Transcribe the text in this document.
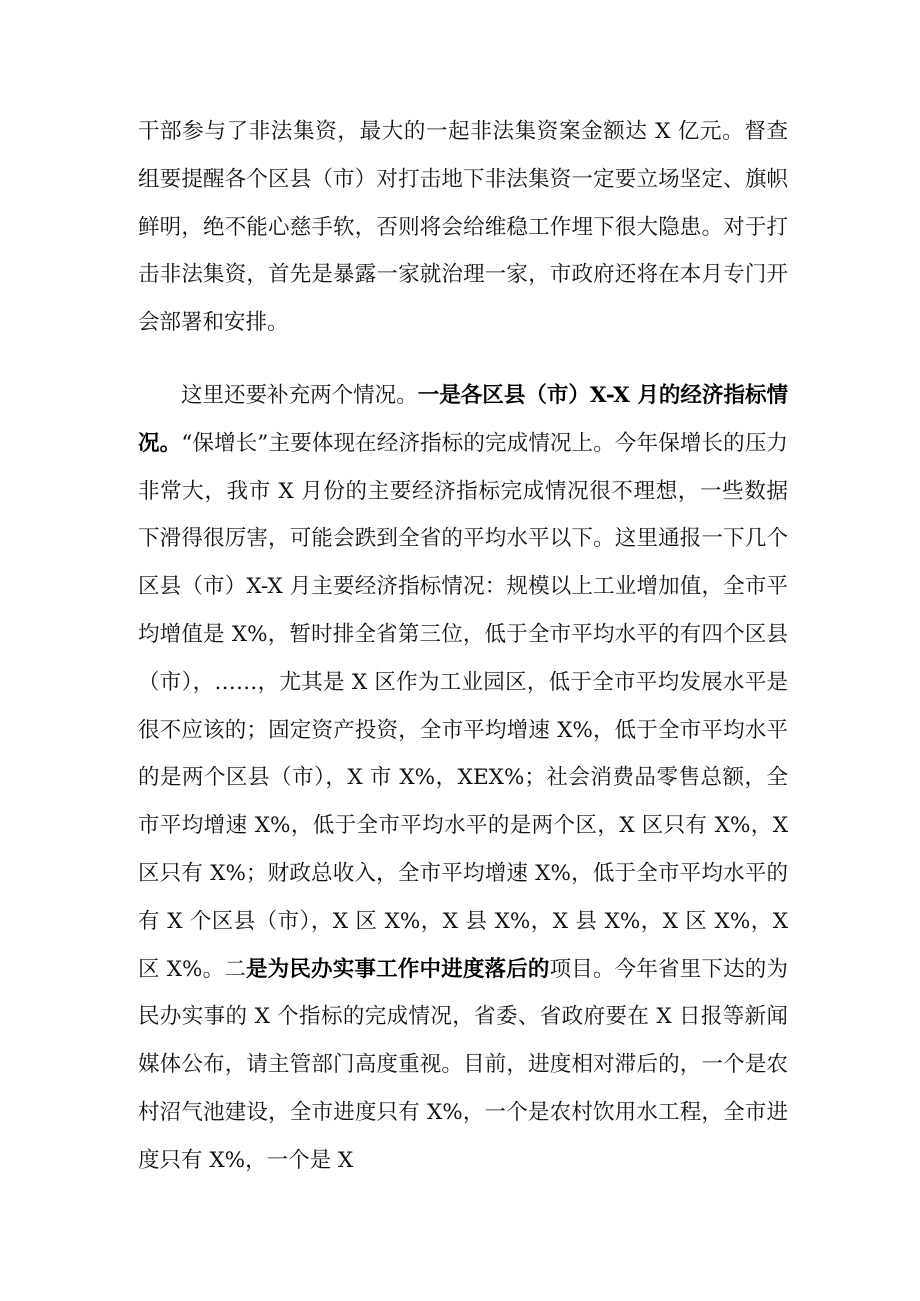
干部参与了非法集资，最大的一起非法集资案金额达 X 亿元。督查组要提醒各个区县（市）对打击地下非法集资一定要立场坚定、旗帜鲜明，绝不能心慈手软，否则将会给维稳工作埋下很大隐患。对于打击非法集资，首先是暴露一家就治理一家，市政府还将在本月专门开会部署和安排。

这里还要补充两个情况。一是各区县（市）X-X 月的经济指标情况。“保增长”主要体现在经济指标的完成情况上。今年保增长的压力非常大，我市 X 月份的主要经济指标完成情况很不理想，一些数据下滑得很厉害，可能会跌到全省的平均水平以下。这里通报一下几个区县（市）X-X 月主要经济指标情况：规模以上工业增加值，全市平均增值是 X%，暂时排全省第三位，低于全市平均水平的有四个区县（市），……，尤其是 X 区作为工业园区，低于全市平均发展水平是很不应该的；固定资产投资，全市平均增速 X%，低于全市平均水平的是两个区县（市），X 市 X%，XEX%；社会消费品零售总额，全市平均增速 X%，低于全市平均水平的是两个区，X 区只有 X%，X 区只有 X%；财政总收入，全市平均增速 X%，低于全市平均水平的有 X 个区县（市），X 区 X%，X 县 X%，X 县 X%，X 区 X%，X 区 X%。二是为民办实事工作中进度落后的项目。今年省里下达的为民办实事的 X 个指标的完成情况，省委、省政府要在 X 日报等新闻媒体公布，请主管部门高度重视。目前，进度相对滞后的，一个是农村沼气池建设，全市进度只有 X%，一个是农村饮用水工程，全市进度只有 X%，一个是 X
